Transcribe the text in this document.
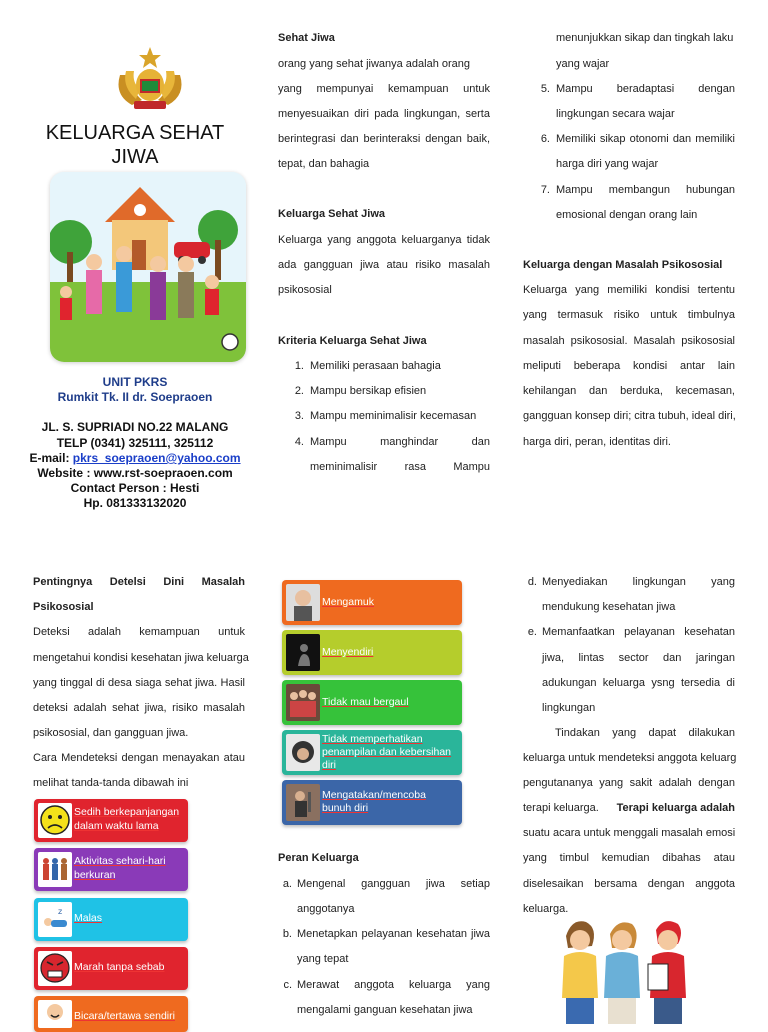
KELUARGA SEHAT
JIWA
UNIT PKRS
Rumkit Tk. II dr. Soepraoen
JL. S. SUPRIADI NO.22 MALANG
TELP (0341) 325111, 325112
E-mail: pkrs_soepraoen@yahoo.com
Website : www.rst-soepraoen.com
Contact Person : Hesti
Hp. 081333132020
Sehat Jiwa
orang yang sehat jiwanya adalah orang
yang mempunyai kemampuan untuk
menyesuaikan diri pada lingkungan, serta
berintegrasi dan berinteraksi dengan baik,
tepat, dan bahagia
Keluarga Sehat Jiwa
Keluarga yang anggota keluarganya tidak
ada gangguan jiwa atau risiko masalah
psikososial
Kriteria Keluarga Sehat Jiwa
1. Memiliki perasaan bahagia
2. Mampu bersikap efisien
3. Mampu meminimalisir kecemasan
4. Mampu manghindar dan
meminimalisir rasa Mampu
menunjukkan sikap dan tingkah laku
yang wajar
5. Mampu beradaptasi dengan
lingkungan secara wajar
6. Memiliki sikap otonomi dan memiliki
harga diri yang wajar
7. Mampu membangun hubungan
emosional dengan orang lain
Keluarga dengan Masalah Psikososial
Keluarga yang memiliki kondisi tertentu
yang termasuk risiko untuk timbulnya
masalah psikososial. Masalah psikososial
meliputi beberapa kondisi antar lain
kehilangan dan berduka, kecemasan,
gangguan konsep diri; citra tubuh, ideal diri,
harga diri, peran, identitas diri.
Pentingnya Detelsi Dini Masalah
Psikososial
Deteksi adalah kemampuan untuk
mengetahui kondisi kesehatan jiwa keluarga
yang tinggal di desa siaga sehat jiwa. Hasil
deteksi adalah sehat jiwa, risiko masalah
psikososial, dan gangguan jiwa.
Cara Mendeteksi dengan menayakan atau
melihat tanda-tanda dibawah ini
Sedih berkepanjangan
dalam waktu lama
Aktivitas sehari-hari
berkuran
z
Malas
Marah tanpa sebab
Bicara/tertawa sendiri
Mengamuk
Menyendiri
Tidak mau bergaul
Tidak memperhatikan
penampilan dan kebersihan
diri
Mengatakan/mencoba
bunuh diri
Peran Keluarga
a. Mengenal gangguan jiwa setiap
anggotanya
b. Menetapkan pelayanan kesehatan jiwa
yang tepat
c. Merawat anggota keluarga yang
mengalami ganguan kesehatan jiwa
d. Menyediakan lingkungan yang
mendukung kesehatan jiwa
e. Memanfaatkan pelayanan kesehatan
jiwa, lintas sector dan jaringan
adukungan keluarga ysng tersedia di
lingkungan
Tindakan yang dapat dilakukan
keluarga untuk mendeteksi anggota keluarg
pengutananya yang sakit adalah dengan
terapi keluarga. Terapi keluarga adalah
suatu acara untuk menggali masalah emosi
yang timbul kemudian dibahas atau
diselesaikan bersama dengan anggota
keluarga.
